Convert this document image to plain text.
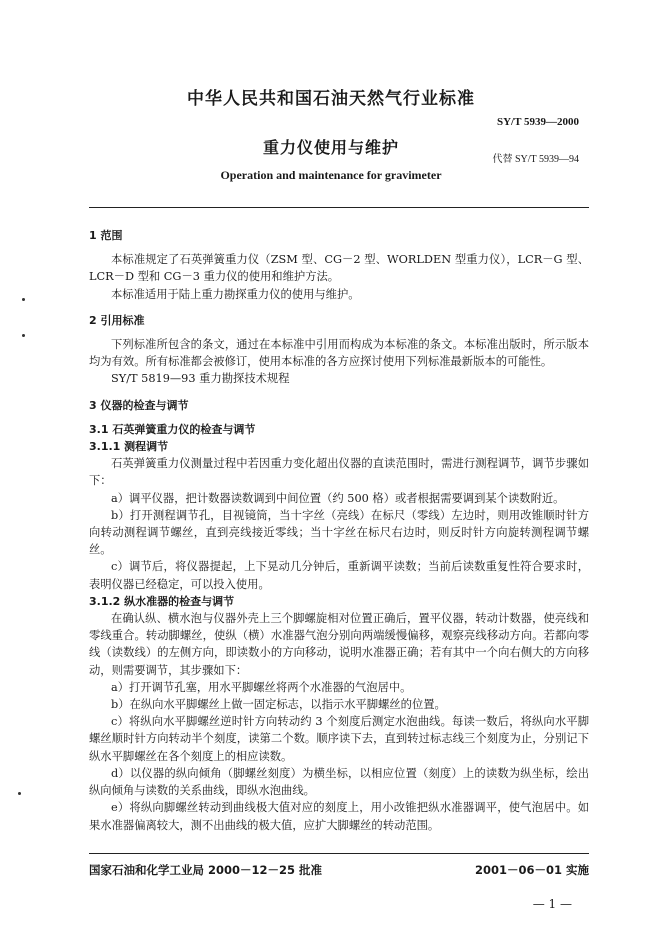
中华人民共和国石油天然气行业标准
SY/T 5939—2000
重力仪使用与维护
代替 SY/T 5939—94
Operation and maintenance for gravimeter

1 范围

本标准规定了石英弹簧重力仪（ZSM 型、CG－2 型、WORLDEN 型重力仪），LCR－G 型、LCR－D 型和 CG－3 重力仪的使用和维护方法。

本标准适用于陆上重力勘探重力仪的使用与维护。

2 引用标准

下列标准所包含的条文，通过在本标准中引用而构成为本标准的条文。本标准出版时，所示版本均为有效。所有标准都会被修订，使用本标准的各方应探讨使用下列标准最新版本的可能性。

SY/T 5819—93 重力勘探技术规程

3 仪器的检查与调节

3.1 石英弹簧重力仪的检查与调节

3.1.1 测程调节

石英弹簧重力仪测量过程中若因重力变化超出仪器的直读范围时，需进行测程调节，调节步骤如下：

a）调平仪器，把计数器读数调到中间位置（约 500 格）或者根据需要调到某个读数附近。

b）打开测程调节孔，目视镜筒，当十字丝（亮线）在标尺（零线）左边时，则用改锥顺时针方向转动测程调节螺丝，直到亮线接近零线；当十字丝在标尺右边时，则反时针方向旋转测程调节螺丝。

c）调节后，将仪器提起，上下晃动几分钟后，重新调平读数；当前后读数重复性符合要求时，表明仪器已经稳定，可以投入使用。

3.1.2 纵水准器的检查与调节

在确认纵、横水泡与仪器外壳上三个脚螺旋相对位置正确后，置平仪器，转动计数器，使亮线和零线重合。转动脚螺丝，使纵（横）水准器气泡分别向两端缓慢偏移，观察亮线移动方向。若都向零线（读数线）的左侧方向，即读数小的方向移动，说明水准器正确；若有其中一个向右侧大的方向移动，则需要调节，其步骤如下：

a）打开调节孔塞，用水平脚螺丝将两个水准器的气泡居中。

b）在纵向水平脚螺丝上做一固定标志，以指示水平脚螺丝的位置。

c）将纵向水平脚螺丝逆时针方向转动约 3 个刻度后测定水泡曲线。每读一数后，将纵向水平脚螺丝顺时针方向转动半个刻度，读第二个数。顺序读下去，直到转过标志线三个刻度为止，分别记下纵水平脚螺丝在各个刻度上的相应读数。

d）以仪器的纵向倾角（脚螺丝刻度）为横坐标，以相应位置（刻度）上的读数为纵坐标，绘出纵向倾角与读数的关系曲线，即纵水泡曲线。

e）将纵向脚螺丝转动到曲线极大值对应的刻度上，用小改锥把纵水准器调平，使气泡居中。如果水准器偏离较大，测不出曲线的极大值，应扩大脚螺丝的转动范围。

国家石油和化学工业局 2000－12－25 批准	2001－06－01 实施
— 1 —
